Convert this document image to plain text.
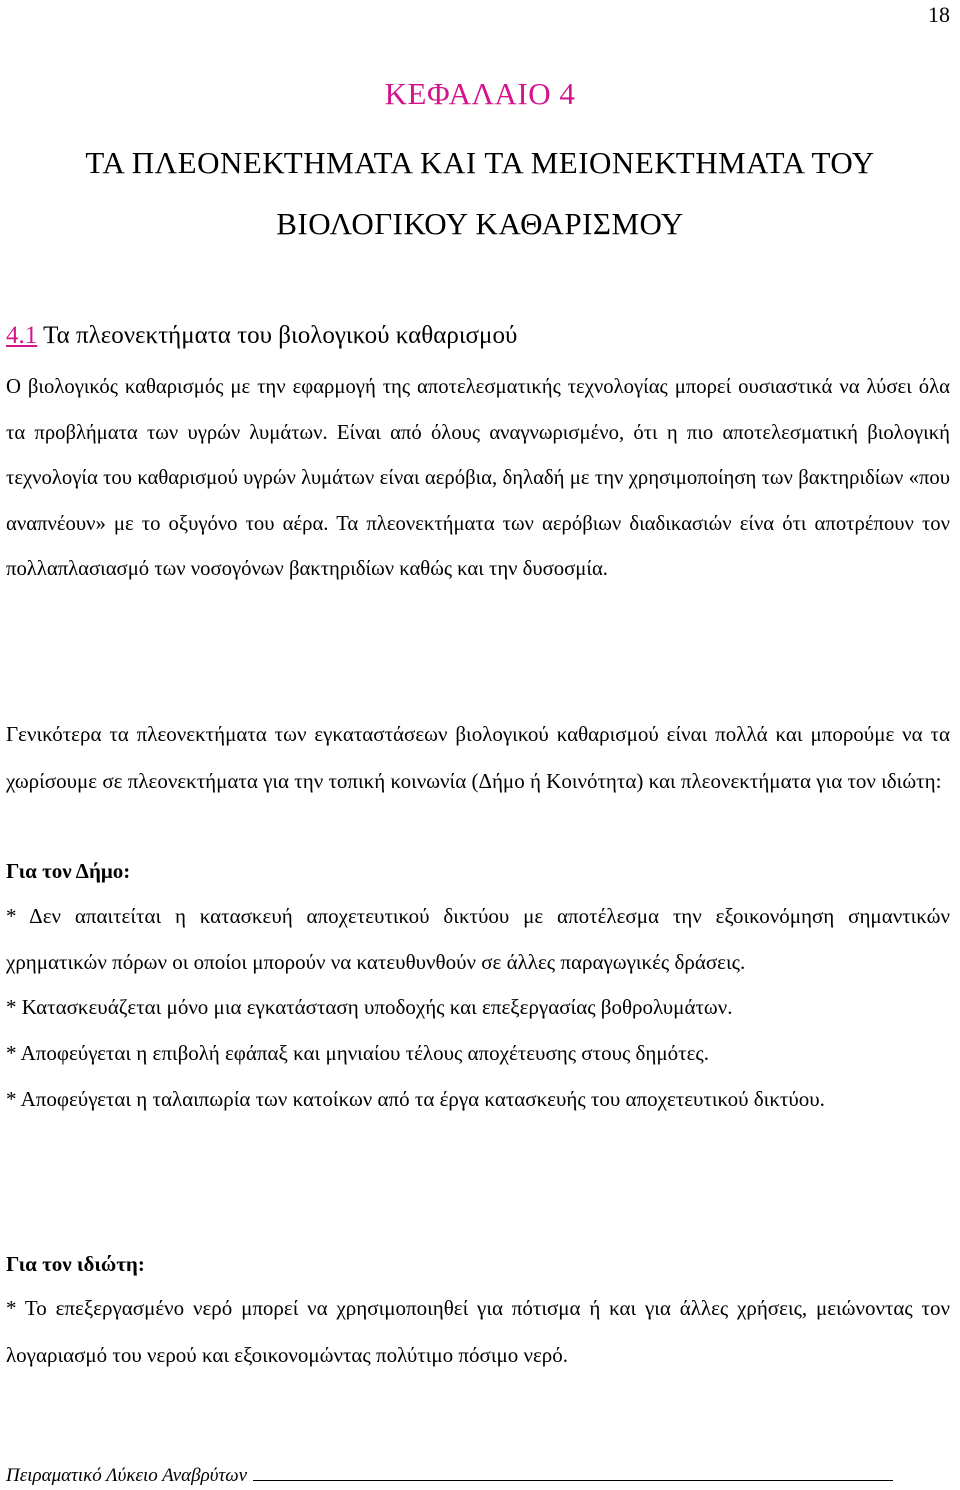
18
ΚΕΦΑΛΑΙΟ 4
ΤΑ ΠΛΕΟΝΕΚΤΗΜΑΤΑ ΚΑΙ ΤΑ ΜΕΙΟΝΕΚΤΗΜΑΤΑ ΤΟΥ ΒΙΟΛΟΓΙΚΟΥ ΚΑΘΑΡΙΣΜΟΥ
4.1 Τα πλεονεκτήματα του βιολογικού καθαρισμού
Ο βιολογικός καθαρισμός με την εφαρμογή της αποτελεσματικής τεχνολογίας μπορεί ουσιαστικά να λύσει όλα τα προβλήματα των υγρών λυμάτων. Είναι από όλους αναγνωρισμένο, ότι η πιο αποτελεσματική βιολογική τεχνολογία του καθαρισμού υγρών λυμάτων είναι αερόβια, δηλαδή με την χρησιμοποίηση των βακτηριδίων «που αναπνέουν» με το οξυγόνο του αέρα. Τα πλεονεκτήματα των αερόβιων διαδικασιών είνα ότι αποτρέπουν τον πολλαπλασιασμό των νοσογόνων βακτηριδίων καθώς και την δυσοσμία.
Γενικότερα τα πλεονεκτήματα των εγκαταστάσεων βιολογικού καθαρισμού είναι πολλά και μπορούμε να τα χωρίσουμε σε πλεονεκτήματα για την τοπική κοινωνία (Δήμο ή Κοινότητα) και πλεονεκτήματα για τον ιδιώτη:
Για τον Δήμο:

* Δεν απαιτείται η κατασκευή αποχετευτικού δικτύου με αποτέλεσμα την εξοικονόμηση σημαντικών χρηματικών πόρων οι οποίοι μπορούν να κατευθυνθούν σε άλλες παραγωγικές δράσεις.

* Κατασκευάζεται μόνο μια εγκατάσταση υποδοχής και επεξεργασίας βοθρολυμάτων.

* Αποφεύγεται η επιβολή εφάπαξ και μηνιαίου τέλους αποχέτευσης στους δημότες.

* Αποφεύγεται η ταλαιπωρία των κατοίκων από τα έργα κατασκευής του αποχετευτικού δικτύου.

Για τον ιδιώτη:

* Το επεξεργασμένο νερό μπορεί να χρησιμοποιηθεί για πότισμα ή και για άλλες χρήσεις, μειώνοντας τον λογαριασμό του νερού και εξοικονομώντας πολύτιμο πόσιμο νερό.

Πειραματικό Λύκειο Αναβρύτων
